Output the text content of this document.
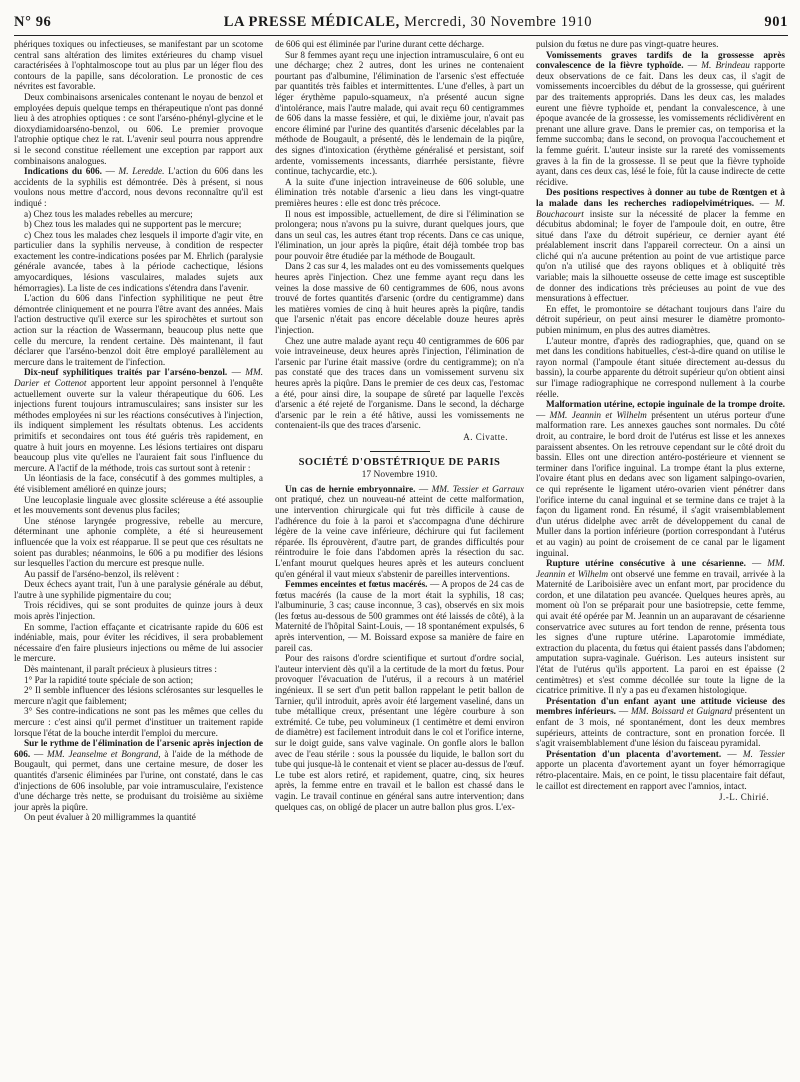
N° 96	LA PRESSE MÉDICALE, Mercredi, 30 Novembre 1910	901

phériques toxiques ou infectieuses, se manifestant par un scotome central sans altération des limites extérieures du champ visuel caractérisées à l'ophtalmoscope tout au plus par un léger flou des contours de la papille, sans décoloration. Le pronostic de ces névrites est favorable.

Deux combinaisons arsenicales contenant le noyau de benzol et employées depuis quelque temps en thérapeutique n'ont pas donné lieu à des atrophies optiques : ce sont l'arséno-phényl-glycine et le dioxydiamidoarséno-benzol, ou 606. Le premier provoque l'atrophie optique chez le rat. L'avenir seul pourra nous apprendre si le second constitue réellement une exception par rapport aux combinaisons analogues.

Indications du 606. — M. Leredde. L'action du 606 dans les accidents de la syphilis est démontrée. Dès à présent, si nous voulons nous mettre d'accord, nous devons reconnaître qu'il est indiqué :

a) Chez tous les malades rebelles au mercure;

b) Chez tous les malades qui ne supportent pas le mercure;

c) Chez tous les malades chez lesquels il importe d'agir vite, en particulier dans la syphilis nerveuse, à condition de respecter exactement les contre-indications posées par M. Ehrlich (paralysie générale avancée, tabes à la période cachectique, lésions amyocardiques, lésions vasculaires, malades sujets aux hémorragies). La liste de ces indications s'étendra dans l'avenir.

L'action du 606 dans l'infection syphilitique ne peut être démontrée cliniquement et ne pourra l'être avant des années. Mais l'action destructive qu'il exerce sur les spirochètes et surtout son action sur la réaction de Wassermann, beaucoup plus nette que celle du mercure, la rendent certaine. Dès maintenant, il faut déclarer que l'arséno-benzol doit être employé parallèlement au mercure dans le traitement de l'infection.

Dix-neuf syphilitiques traités par l'arséno-benzol. — MM. Darier et Cottenot apportent leur appoint personnel à l'enquête actuellement ouverte sur la valeur thérapeutique du 606. Les injections furent toujours intramusculaires; sans insister sur les méthodes employées ni sur les réactions consécutives à l'injection, ils indiquent simplement les résultats obtenus. Les accidents primitifs et secondaires ont tous été guéris très rapidement, en quatre à huit jours en moyenne. Les lésions tertiaires ont disparu beaucoup plus vite qu'elles ne l'auraient fait sous l'influence du mercure. A l'actif de la méthode, trois cas surtout sont à retenir :

Un léontiasis de la face, consécutif à des gommes multiples, a été visiblement amélioré en quinze jours;

Une leucoplasie linguale avec glossite scléreuse a été assouplie et les mouvements sont devenus plus faciles;

Une sténose laryngée progressive, rebelle au mercure, déterminant une aphonie complète, a été si heureusement influencée que la voix est réapparue. Il se peut que ces résultats ne soient pas durables; néanmoins, le 606 a pu modifier des lésions sur lesquelles l'action du mercure est presque nulle.

Au passif de l'arséno-benzol, ils relèvent :

Deux échecs ayant trait, l'un à une paralysie générale au début, l'autre à une syphilide pigmentaire du cou;

Trois récidives, qui se sont produites de quinze jours à deux mois après l'injection.

En somme, l'action effaçante et cicatrisante rapide du 606 est indéniable, mais, pour éviter les récidives, il sera probablement nécessaire d'en faire plusieurs injections ou même de lui associer le mercure.

Dès maintenant, il paraît précieux à plusieurs titres :

1° Par la rapidité toute spéciale de son action;

2° Il semble influencer des lésions sclérosantes sur lesquelles le mercure n'agit que faiblement;

3° Ses contre-indications ne sont pas les mêmes que celles du mercure : c'est ainsi qu'il permet d'instituer un traitement rapide lorsque l'état de la bouche interdit l'emploi du mercure.

Sur le rythme de l'élimination de l'arsenic après injection de 606. — MM. Jeanselme et Bongrand, à l'aide de la méthode de Bougault, qui permet, dans une certaine mesure, de doser les quantités d'arsenic éliminées par l'urine, ont constaté, dans le cas d'injections de 606 insoluble, par voie intramusculaire, l'existence d'une décharge très nette, se produisant du troisième au sixième jour après la piqûre.

On peut évaluer à 20 milligrammes la quantité

de 606 qui est éliminée par l'urine durant cette décharge.

Sur 8 femmes ayant reçu une injection intramusculaire, 6 ont eu une décharge; chez 2 autres, dont les urines ne contenaient pourtant pas d'albumine, l'élimination de l'arsenic s'est effectuée par quantités très faibles et intermittentes. L'une d'elles, à part un léger érythème papulo-squameux, n'a présenté aucun signe d'intolérance, mais l'autre malade, qui avait reçu 60 centigrammes de 606 dans la masse fessière, et qui, le dixième jour, n'avait pas encore éliminé par l'urine des quantités d'arsenic décelables par la méthode de Bougault, a présenté, dès le lendemain de la piqûre, des signes d'intoxication (érythème généralisé et persistant, soif ardente, vomissements incessants, diarrhée persistante, fièvre continue, tachycardie, etc.).

A la suite d'une injection intraveineuse de 606 soluble, une élimination très notable d'arsenic a lieu dans les vingt-quatre premières heures : elle est donc très précoce.

Il nous est impossible, actuellement, de dire si l'élimination se prolongera; nous n'avons pu la suivre, durant quelques jours, que dans un seul cas, les autres étant trop récents. Dans ce cas unique, l'élimination, un jour après la piqûre, était déjà tombée trop bas pour pouvoir être étudiée par la méthode de Bougault.

Dans 2 cas sur 4, les malades ont eu des vomissements quelques heures après l'injection. Chez une femme ayant reçu dans les veines la dose massive de 60 centigrammes de 606, nous avons trouvé de fortes quantités d'arsenic (ordre du centigramme) dans les matières vomies de cinq à huit heures après la piqûre, tandis que l'arsenic n'était pas encore décelable douze heures après l'injection.

Chez une autre malade ayant reçu 40 centigrammes de 606 par voie intraveineuse, deux heures après l'injection, l'élimination de l'arsenic par l'urine était massive (ordre du centigramme); on n'a pas constaté que des traces dans un vomissement survenu six heures après la piqûre. Dans le premier de ces deux cas, l'estomac a été, pour ainsi dire, la soupape de sûreté par laquelle l'excès d'arsenic a été rejeté de l'organisme. Dans le second, la décharge d'arsenic par le rein a été hâtive, aussi les vomissements ne contenaient-ils que des traces d'arsenic.

A. Civatte.
SOCIÉTÉ D'OBSTÉTRIQUE DE PARIS
17 Novembre 1910.

Un cas de hernie embryonnaire. — MM. Tessier et Garraux ont pratiqué, chez un nouveau-né atteint de cette malformation, une intervention chirurgicale qui fut très difficile à cause de l'adhérence du foie à la paroi et s'accompagna d'une déchirure légère de la veine cave inférieure, déchirure qui fut facilement réparée. Ils éprouvèrent, d'autre part, de grandes difficultés pour réintroduire le foie dans l'abdomen après la résection du sac. L'enfant mourut quelques heures après et les auteurs concluent qu'en général il vaut mieux s'abstenir de pareilles interventions.

Femmes enceintes et fœtus macérés. — A propos de 24 cas de fœtus macérés (la cause de la mort était la syphilis, 18 cas; l'albuminurie, 3 cas; cause inconnue, 3 cas), observés en six mois (les fœtus au-dessous de 500 grammes ont été laissés de côté), à la Maternité de l'hôpital Saint-Louis, — 18 spontanément expulsés, 6 après intervention, — M. Boissard expose sa manière de faire en pareil cas.

Pour des raisons d'ordre scientifique et surtout d'ordre social, l'auteur intervient dès qu'il a la certitude de la mort du fœtus. Pour provoquer l'évacuation de l'utérus, il a recours à un matériel ingénieux. Il se sert d'un petit ballon rappelant le petit ballon de Tarnier, qu'il introduit, après avoir été largement vaseliné, dans un tube métallique creux, présentant une légère courbure à son extrémité. Ce tube, peu volumineux (1 centimètre et demi environ de diamètre) est facilement introduit dans le col et l'orifice interne, sur le doigt guide, sans valve vaginale. On gonfle alors le ballon avec de l'eau stérile : sous la poussée du liquide, le ballon sort du tube qui jusque-là le contenait et vient se placer au-dessus de l'œuf. Le tube est alors retiré, et rapidement, quatre, cinq, six heures après, la femme entre en travail et le ballon est chassé dans le vagin. Le travail continue en général sans autre intervention; dans quelques cas, on obligé de placer un autre ballon plus gros. L'ex-

pulsion du fœtus ne dure pas vingt-quatre heures.

Vomissements graves tardifs de la grossesse après convalescence de la fièvre typhoïde. — M. Brindeau rapporte deux observations de ce fait. Dans les deux cas, il s'agit de vomissements incoercibles du début de la grossesse, qui guérirent par des traitements appropriés. Dans les deux cas, les malades eurent une fièvre typhoïde et, pendant la convalescence, à une époque avancée de la grossesse, les vomissements réclidivèrent en prenant une allure grave. Dans le premier cas, on temporisa et la femme succomba; dans le second, on provoqua l'accouchement et la femme guérit. L'auteur insiste sur la rareté des vomissements graves à la fin de la grossesse. Il se peut que la fièvre typhoïde ayant, dans ces deux cas, lésé le foie, fût la cause indirecte de cette récidive.

Des positions respectives à donner au tube de Rœntgen et à la malade dans les recherches radiopelvimétriques. — M. Bouchacourt insiste sur la nécessité de placer la femme en décubitus abdominal; le foyer de l'ampoule doit, en outre, être situé dans l'axe du détroit supérieur, ce dernier ayant été préalablement inscrit dans l'appareil correcteur. On a ainsi un cliché qui n'a aucune prétention au point de vue artistique parce qu'on n'a utilisé que des rayons obliques et à obliquité très variable; mais la silhouette osseuse de cette image est susceptible de donner des indications très précieuses au point de vue des mensurations à effectuer.

En effet, le promontoire se détachant toujours dans l'aire du détroit supérieur, on peut ainsi mesurer le diamètre promonto-pubien minimum, en plus des autres diamètres.

L'auteur montre, d'après des radiographies, que, quand on se met dans les conditions habituelles, c'est-à-dire quand on utilise le rayon normal (l'ampoule étant située directement au-dessus du bassin), la courbe apparente du détroit supérieur qu'on obtient ainsi sur l'image radiographique ne correspond nullement à la courbe réelle.

Malformation utérine, ectopie inguinale de la trompe droite. — MM. Jeannin et Wilhelm présentent un utérus porteur d'une malformation rare. Les annexes gauches sont normales. Du côté droit, au contraire, le bord droit de l'utérus est lisse et les annexes paraissent absentes. On les retrouve cependant sur le côté droit du bassin. Elles ont une direction antéro-postérieure et viennent se terminer dans l'orifice inguinal. La trompe étant la plus externe, l'ovaire étant plus en dedans avec son ligament salpingo-ovarien, ce qui représente le ligament utéro-ovarien vient pénétrer dans l'orifice interne du canal inguinal et se termine dans ce trajet à la façon du ligament rond. En résumé, il s'agit vraisemblablement d'un utérus didelphe avec arrêt de développement du canal de Muller dans la portion inférieure (portion correspondant à l'utérus et au vagin) au point de croisement de ce canal par le ligament inguinal.

Rupture utérine consécutive à une césarienne. — MM. Jeannin et Wilhelm ont observé une femme en travail, arrivée à la Maternité de Lariboisière avec un enfant mort, par procidence du cordon, et une dilatation peu avancée. Quelques heures après, au moment où l'on se préparait pour une basiotrepsie, cette femme, qui avait été opérée par M. Jeannin un an auparavant de césarienne conservatrice avec sutures au fort tendon de renne, présenta tous les signes d'une rupture utérine. Laparotomie immédiate, extraction du placenta, du fœtus qui étaient passés dans l'abdomen; amputation supra-vaginale. Guérison. Les auteurs insistent sur l'état de l'utérus qu'ils apportent. La paroi en est épaisse (2 centimètres) et s'est comme décollée sur toute la ligne de la cicatrice primitive. Il n'y a pas eu d'examen histologique.

Présentation d'un enfant ayant une attitude vicieuse des membres inférieurs. — MM. Boissard et Guignard présentent un enfant de 3 mois, né spontanément, dont les deux membres supérieurs, atteints de contracture, sont en pronation forcée. Il s'agit vraisemblablement d'une lésion du faisceau pyramidal.

Présentation d'un placenta d'avortement. — M. Tessier apporte un placenta d'avortement ayant un foyer hémorragique rétro-placentaire. Mais, en ce point, le tissu placentaire fait défaut, le caillot est directement en rapport avec l'amnios, intact.

J.-L. Chirié.
